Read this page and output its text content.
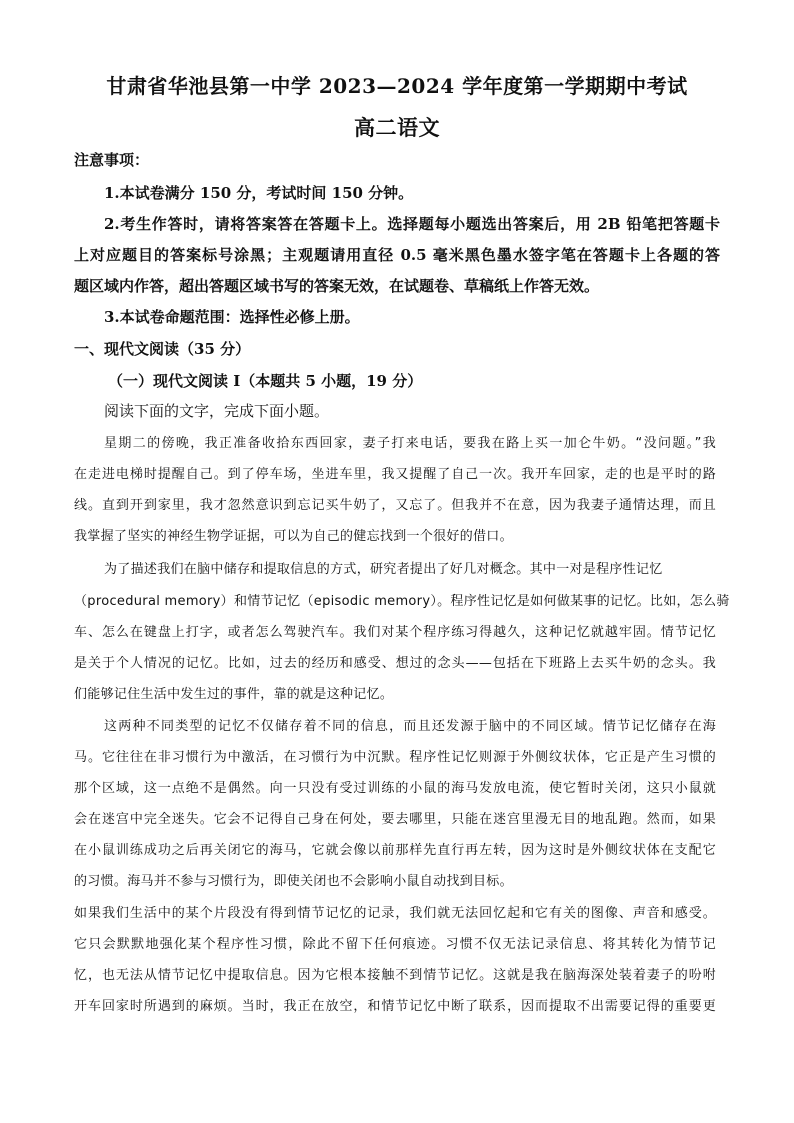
甘肃省华池县第一中学 2023—2024 学年度第一学期期中考试
高二语文
注意事项：
1.本试卷满分 150 分，考试时间 150 分钟。
2.考生作答时，请将答案答在答题卡上。选择题每小题选出答案后，用 2B 铅笔把答题卡
上对应题目的答案标号涂黑；主观题请用直径 0.5 毫米黑色墨水签字笔在答题卡上各题的答
题区域内作答，超出答题区域书写的答案无效，在试题卷、草稿纸上作答无效。
3.本试卷命题范围：选择性必修上册。
一、现代文阅读（35 分）
（一）现代文阅读 I（本题共 5 小题，19 分）
阅读下面的文字，完成下面小题。
星期二的傍晚，我正准备收拾东西回家，妻子打来电话，要我在路上买一加仑牛奶。“没问题。”我
在走进电梯时提醒自己。到了停车场，坐进车里，我又提醒了自己一次。我开车回家，走的也是平时的路
线。直到开到家里，我才忽然意识到忘记买牛奶了，又忘了。但我并不在意，因为我妻子通情达理，而且
我掌握了坚实的神经生物学证据，可以为自己的健忘找到一个很好的借口。
为了描述我们在脑中储存和提取信息的方式，研究者提出了好几对概念。其中一对是程序性记忆
（procedural memory）和情节记忆（episodic memory）。程序性记忆是如何做某事的记忆。比如，怎么骑
车、怎么在键盘上打字，或者怎么驾驶汽车。我们对某个程序练习得越久，这种记忆就越牢固。情节记忆
是关于个人情况的记忆。比如，过去的经历和感受、想过的念头——包括在下班路上去买牛奶的念头。我
们能够记住生活中发生过的事件，靠的就是这种记忆。
这两种不同类型的记忆不仅储存着不同的信息，而且还发源于脑中的不同区域。情节记忆储存在海
马。它往往在非习惯行为中激活，在习惯行为中沉默。程序性记忆则源于外侧纹状体，它正是产生习惯的
那个区域，这一点绝不是偶然。向一只没有受过训练的小鼠的海马发放电流，使它暂时关闭，这只小鼠就
会在迷宫中完全迷失。它会不记得自己身在何处，要去哪里，只能在迷宫里漫无目的地乱跑。然而，如果
在小鼠训练成功之后再关闭它的海马，它就会像以前那样先直行再左转，因为这时是外侧纹状体在支配它
的习惯。海马并不参与习惯行为，即使关闭也不会影响小鼠自动找到目标。
如果我们生活中的某个片段没有得到情节记忆的记录，我们就无法回忆起和它有关的图像、声音和感受。
它只会默默地强化某个程序性习惯，除此不留下任何痕迹。习惯不仅无法记录信息、将其转化为情节记
忆，也无法从情节记忆中提取信息。因为它根本接触不到情节记忆。这就是我在脑海深处装着妻子的吩咐
开车回家时所遇到的麻烦。当时，我正在放空，和情节记忆中断了联系，因而提取不出需要记得的重要更
